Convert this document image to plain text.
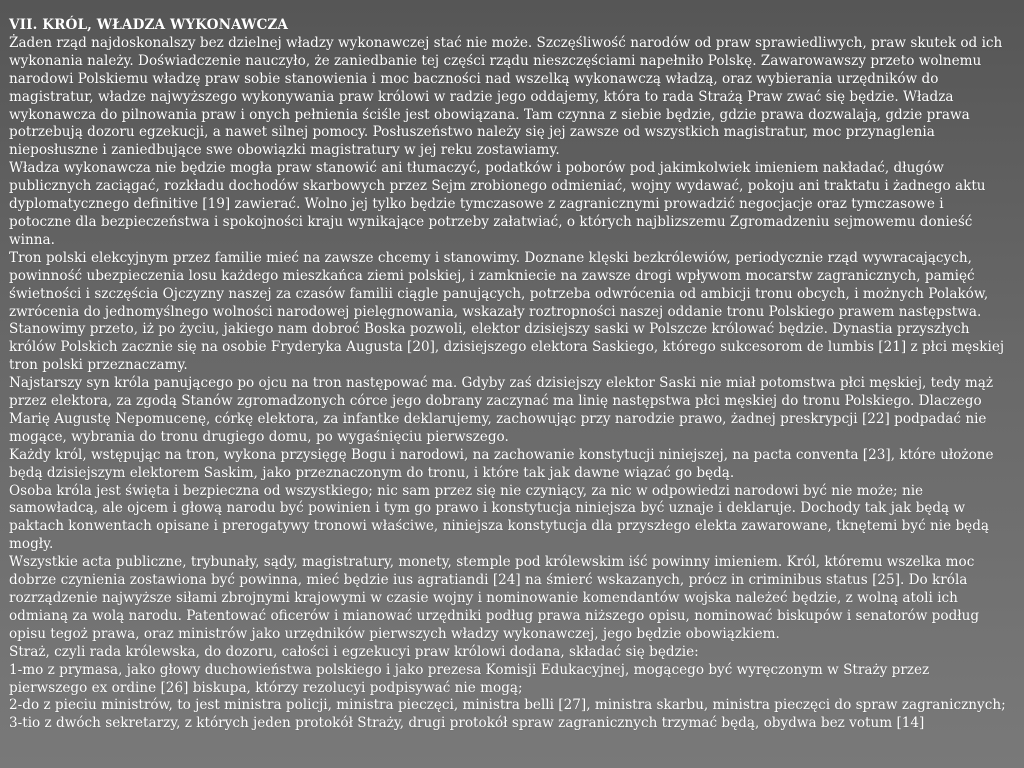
VII. KRÓL, WŁADZA WYKONAWCZA

Żaden rząd najdoskonalszy bez dzielnej władzy wykonawczej stać nie może. Szczęśliwość narodów od praw sprawiedliwych, praw skutek od ich wykonania należy. Doświadczenie nauczyło, że zaniedbanie tej części rządu nieszczęściami napełniło Polskę. Zawarowawszy przeto wolnemu narodowi Polskiemu władzę praw sobie stanowienia i moc baczności nad wszelką wykonawczą władzą, oraz wybierania urzędników do magistratur, władze najwyższego wykonywania praw królowi w radzie jego oddajemy, która to rada Strażą Praw zwać się będzie. Władza wykonawcza do pilnowania praw i onych pełnienia ściśle jest obowiązana. Tam czynna z siebie będzie, gdzie prawa dozwalają, gdzie prawa potrzebują dozoru egzekucji, a nawet silnej pomocy. Posłuszeństwo należy się jej zawsze od wszystkich magistratur, moc przynaglenia nieposłuszne i zaniedbujące swe obowiązki magistratury w jej reku zostawiamy.

Władza wykonawcza nie będzie mogła praw stanowić ani tłumaczyć, podatków i poborów pod jakimkolwiek imieniem nakładać, długów publicznych zaciągać, rozkładu dochodów skarbowych przez Sejm zrobionego odmieniać, wojny wydawać, pokoju ani traktatu i żadnego aktu dyplomatycznego definitive [19] zawierać. Wolno jej tylko będzie tymczasowe z zagranicznymi prowadzić negocjacje oraz tymczasowe i potoczne dla bezpieczeństwa i spokojności kraju wynikające potrzeby załatwiać, o których najblizszemu Zgromadzeniu sejmowemu donieść winna.

Tron polski elekcyjnym przez familie mieć na zawsze chcemy i stanowimy. Doznane klęski bezkrólewiów, periodycznie rząd wywracających, powinność ubezpieczenia losu każdego mieszkańca ziemi polskiej, i zamkniecie na zawsze drogi wpływom mocarstw zagranicznych, pamięć świetności i szczęścia Ojczyzny naszej za czasów familii ciągle panujących, potrzeba odwrócenia od ambicji tronu obcych, i możnych Polaków, zwrócenia do jednomyślnego wolności narodowej pielęgnowania, wskazały roztropności naszej oddanie tronu Polskiego prawem następstwa. Stanowimy przeto, iż po życiu, jakiego nam dobroć Boska pozwoli, elektor dzisiejszy saski w Polszcze królować będzie. Dynastia przyszłych królów Polskich zacznie się na osobie Fryderyka Augusta [20], dzisiejszego elektora Saskiego, którego sukcesorom de lumbis [21] z płci męskiej tron polski przeznaczamy.

Najstarszy syn króla panującego po ojcu na tron następować ma. Gdyby zaś dzisiejszy elektor Saski nie miał potomstwa płci męskiej, tedy mąż przez elektora, za zgodą Stanów zgromadzonych córce jego dobrany zaczynać ma linię następstwa płci męskiej do tronu Polskiego. Dlaczego Marię Augustę Nepomucenę, córkę elektora, za infantke deklarujemy, zachowując przy narodzie prawo, żadnej preskrypcji [22] podpadać nie mogące, wybrania do tronu drugiego domu, po wygaśnięciu pierwszego.

Każdy król, wstępując na tron, wykona przysięgę Bogu i narodowi, na zachowanie konstytucji niniejszej, na pacta conventa [23], które ułożone będą dzisiejszym elektorem Saskim, jako przeznaczonym do tronu, i które tak jak dawne wiązać go będą.

Osoba króla jest święta i bezpieczna od wszystkiego; nic sam przez się nie czyniący, za nic w odpowiedzi narodowi być nie może; nie samowładcą, ale ojcem i głową narodu być powinien i tym go prawo i konstytucja niniejsza być uznaje i deklaruje. Dochody tak jak będą w paktach konwentach opisane i prerogatywy tronowi właściwe, niniejsza konstytucja dla przyszłego elekta zawarowane, tknętemi być nie będą mogły.

Wszystkie acta publiczne, trybunały, sądy, magistratury, monety, stemple pod królewskim iść powinny imieniem. Król, któremu wszelka moc dobrze czynienia zostawiona być powinna, mieć będzie ius agratiandi [24] na śmierć wskazanych, prócz in criminibus status [25]. Do króla rozrządzenie najwyższe siłami zbrojnymi krajowymi w czasie wojny i nominowanie komendantów wojska należeć będzie, z wolną atoli ich odmianą za wolą narodu. Patentować oficerów i mianować urzędniki podług prawa niższego opisu, nominować biskupów i senatorów podług opisu tegoż prawa, oraz ministrów jako urzędników pierwszych władzy wykonawczej, jego będzie obowiązkiem.

Straż, czyli rada królewska, do dozoru, całości i egzekucyi praw królowi dodana, składać się będzie:

1-mo z prymasa, jako głowy duchowieństwa polskiego i jako prezesa Komisji Edukacyjnej, mogącego być wyręczonym w Straży przez pierwszego ex ordine [26] biskupa, którzy rezolucyi podpisywać nie mogą;

2-do z pieciu ministrów, to jest ministra policji, ministra pieczęci, ministra belli [27], ministra skarbu, ministra pieczęci do spraw zagranicznych;

3-tio z dwóch sekretarzy, z których jeden protokół Straży, drugi protokół spraw zagranicznych trzymać będą, obydwa bez votum [14]
